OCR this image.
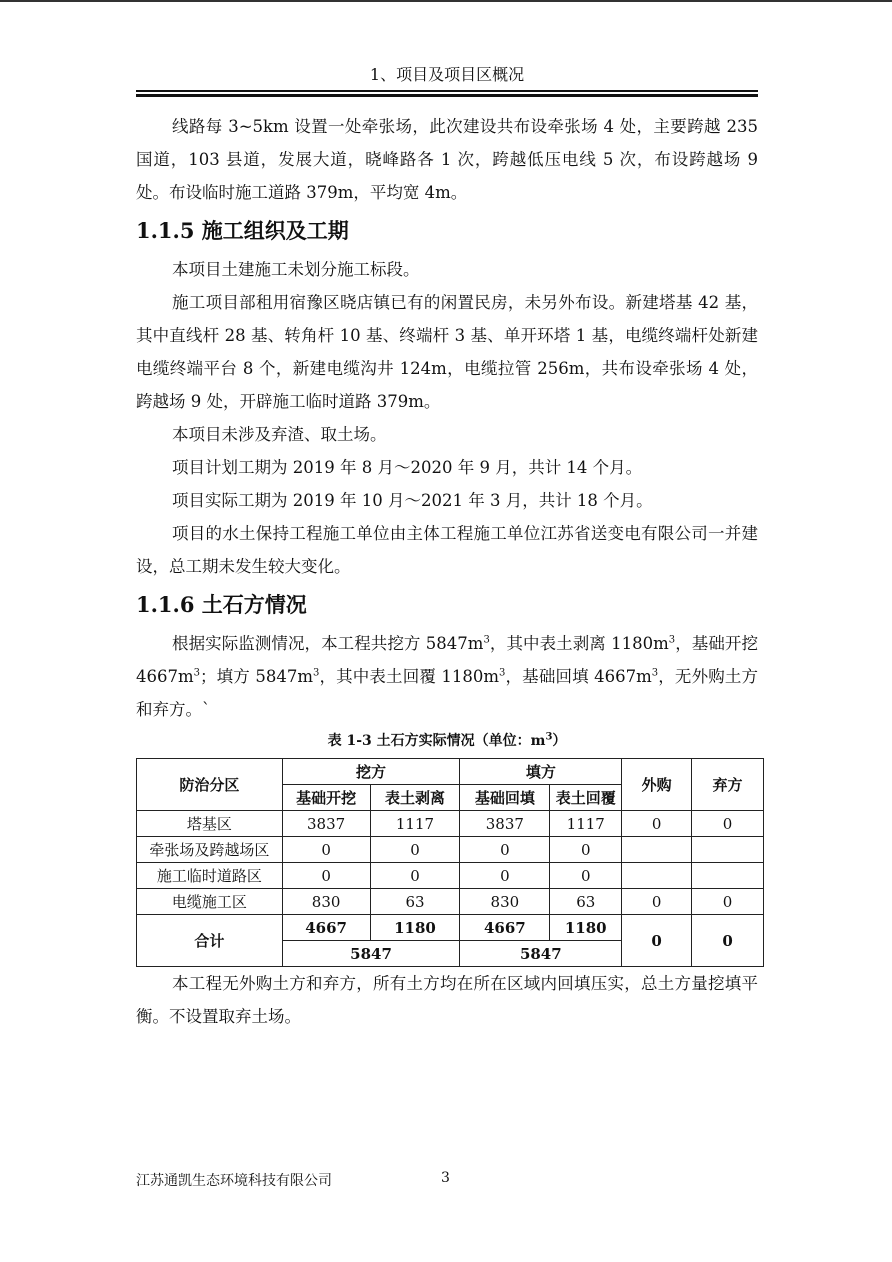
1、项目及项目区概况

线路每 3~5km 设置一处牵张场，此次建设共布设牵张场 4 处，主要跨越 235 国道，103 县道，发展大道，晓峰路各 1 次，跨越低压电线 5 次，布设跨越场 9 处。布设临时施工道路 379m，平均宽 4m。

1.1.5 施工组织及工期

本项目土建施工未划分施工标段。

施工项目部租用宿豫区晓店镇已有的闲置民房，未另外布设。新建塔基 42 基，其中直线杆 28 基、转角杆 10 基、终端杆 3 基、单开环塔 1 基，电缆终端杆处新建电缆终端平台 8 个，新建电缆沟井 124m，电缆拉管 256m，共布设牵张场 4 处，跨越场 9 处，开辟施工临时道路 379m。

本项目未涉及弃渣、取土场。

项目计划工期为 2019 年 8 月～2020 年 9 月，共计 14 个月。

项目实际工期为 2019 年 10 月～2021 年 3 月，共计 18 个月。

项目的水土保持工程施工单位由主体工程施工单位江苏省送变电有限公司一并建设，总工期未发生较大变化。

1.1.6 土石方情况

根据实际监测情况，本工程共挖方 $5847m^3$，其中表土剥离 $1180m^3$，基础开挖 $4667m^3$；填方 $5847m^3$，其中表土回覆 $1180m^3$，基础回填 $4667m^3$，无外购土方和弃方。`

表 1-3 土石方实际情况（单位：$m^3$）
防治分区	挖方		填方		外购	弃方
	基础开挖	表土剥离	基础回填	表土回覆		
塔基区	3837	1117	3837	1117	0	0
牵张场及跨越场区	0	0	0	0		
施工临时道路区	0	0	0	0		
电缆施工区	830	63	830	63	0	0
合计	4667	1180	4667	1180	0	0
	5847		5847			

本工程无外购土方和弃方，所有土方均在所在区域内回填压实，总土方量挖填平衡。不设置取弃土场。

江苏通凯生态环境科技有限公司	3
